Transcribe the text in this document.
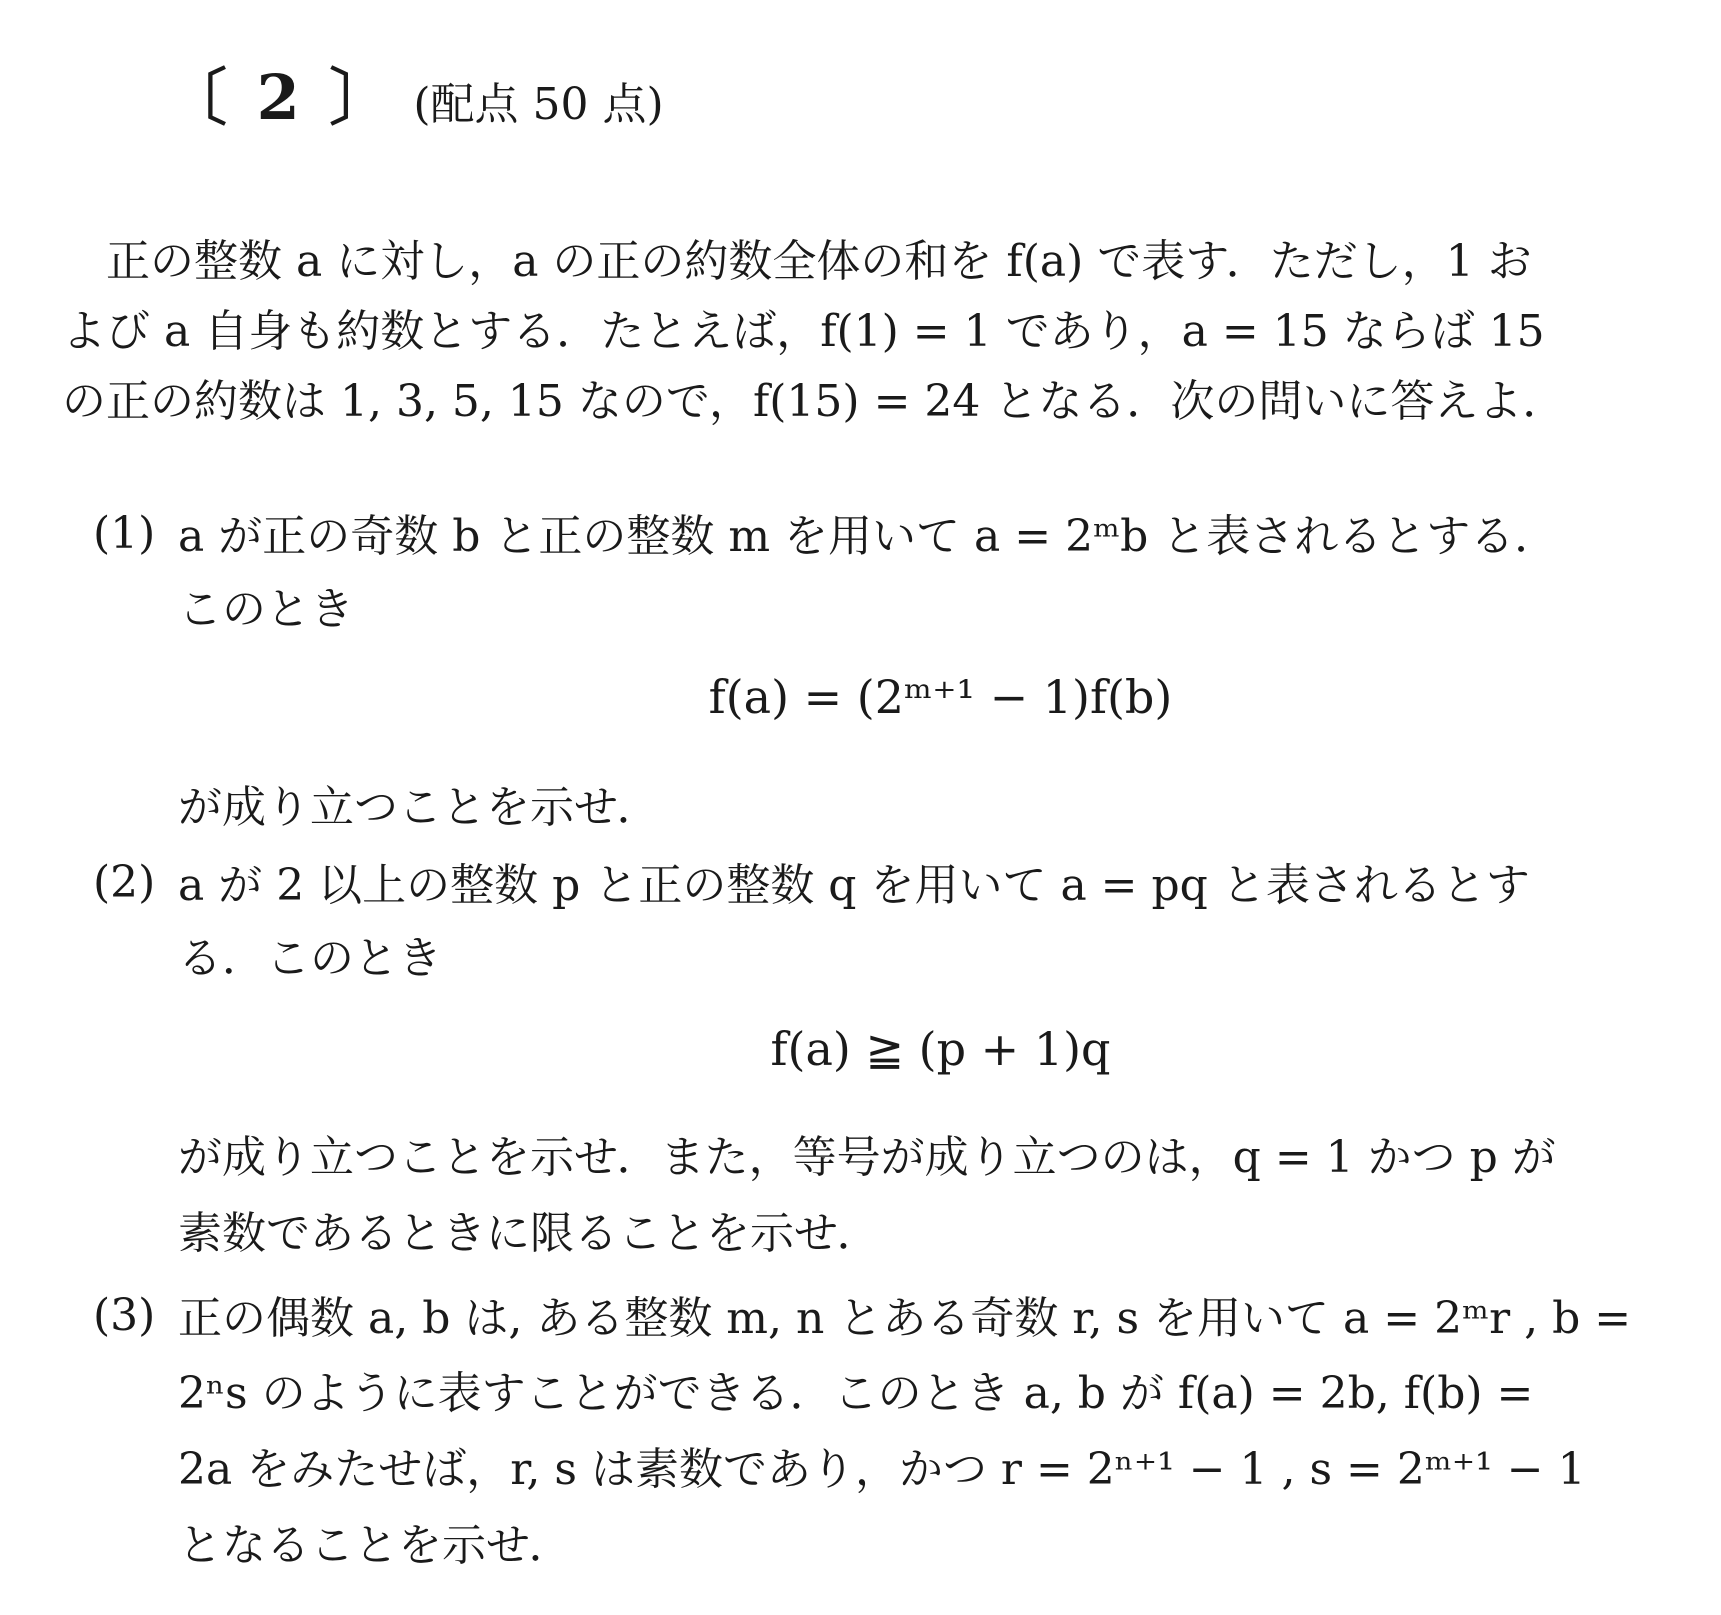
〔 2 〕 (配点 50 点)
　正の整数 a に対し，a の正の約数全体の和を f(a) で表す．ただし，1 お
よび a 自身も約数とする．たとえば，f(1) = 1 であり，a = 15 ならば 15
の正の約数は 1, 3, 5, 15 なので，f(15) = 24 となる．次の問いに答えよ．
(1) a が正の奇数 b と正の整数 m を用いて a = 2ᵐb と表されるとする．
このとき
f(a) = (2ᵐ⁺¹ − 1)f(b)
が成り立つことを示せ．
(2) a が 2 以上の整数 p と正の整数 q を用いて a = pq と表されるとす
る．このとき
f(a) ≧ (p + 1)q
が成り立つことを示せ．また，等号が成り立つのは，q = 1 かつ p が
素数であるときに限ることを示せ．
(3) 正の偶数 a, b は, ある整数 m, n とある奇数 r, s を用いて a = 2ᵐr , b =
2ⁿs のように表すことができる．このとき a, b が f(a) = 2b, f(b) =
2a をみたせば，r, s は素数であり，かつ r = 2ⁿ⁺¹ − 1 , s = 2ᵐ⁺¹ − 1
となることを示せ．
